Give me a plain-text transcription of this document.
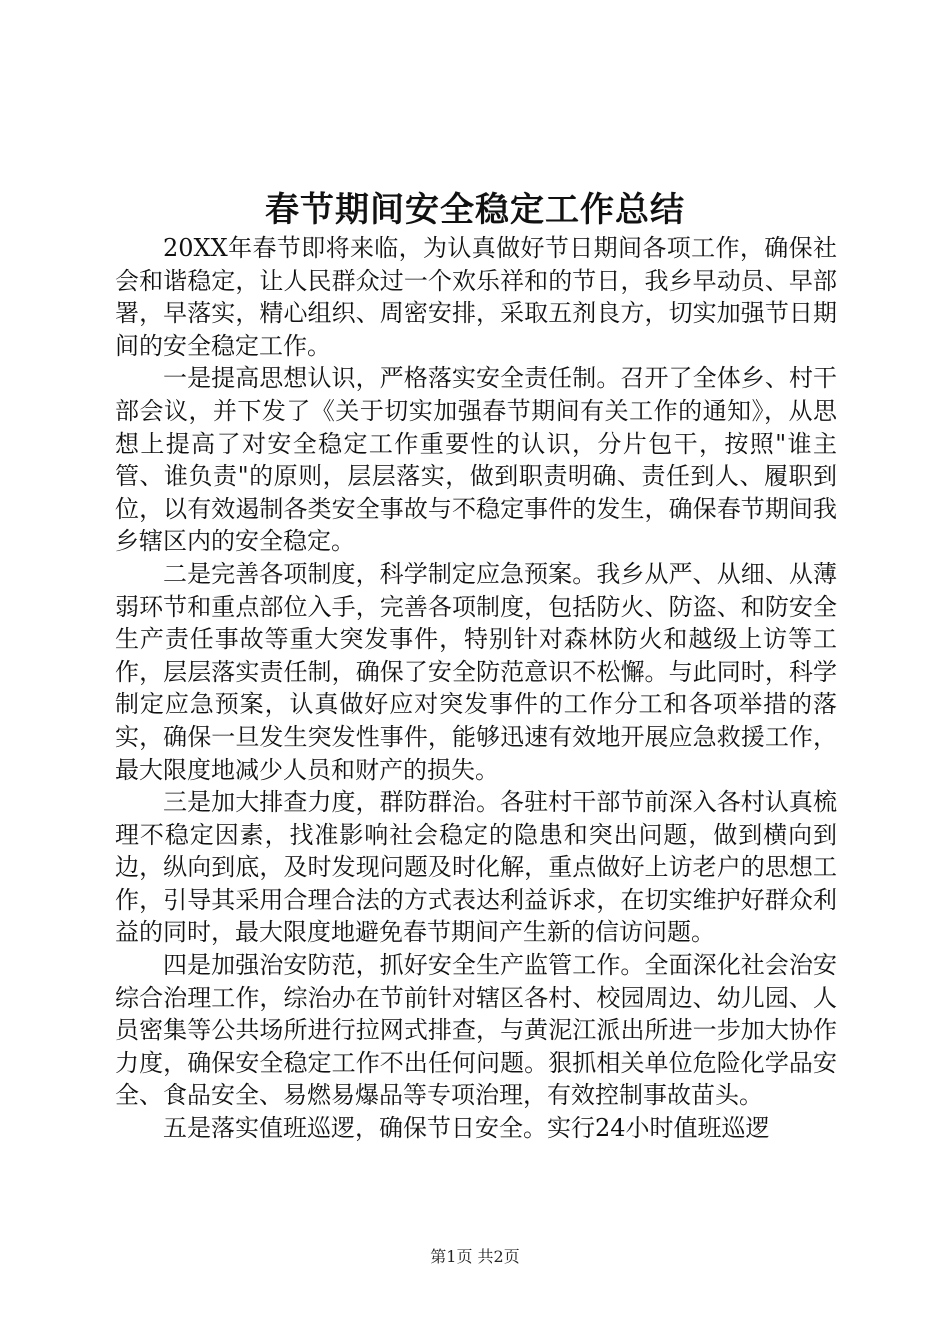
春节期间安全稳定工作总结

20XX年春节即将来临，为认真做好节日期间各项工作，确保社会和谐稳定，让人民群众过一个欢乐祥和的节日，我乡早动员、早部署，早落实，精心组织、周密安排，采取五剂良方，切实加强节日期间的安全稳定工作。

一是提高思想认识，严格落实安全责任制。召开了全体乡、村干部会议，并下发了《关于切实加强春节期间有关工作的通知》，从思想上提高了对安全稳定工作重要性的认识，分片包干，按照"谁主管、谁负责"的原则，层层落实，做到职责明确、责任到人、履职到位，以有效遏制各类安全事故与不稳定事件的发生，确保春节期间我乡辖区内的安全稳定。

二是完善各项制度，科学制定应急预案。我乡从严、从细、从薄弱环节和重点部位入手，完善各项制度，包括防火、防盗、和防安全生产责任事故等重大突发事件，特别针对森林防火和越级上访等工作，层层落实责任制，确保了安全防范意识不松懈。与此同时，科学制定应急预案，认真做好应对突发事件的工作分工和各项举措的落实，确保一旦发生突发性事件，能够迅速有效地开展应急救援工作，最大限度地减少人员和财产的损失。

三是加大排查力度，群防群治。各驻村干部节前深入各村认真梳理不稳定因素，找准影响社会稳定的隐患和突出问题，做到横向到边，纵向到底，及时发现问题及时化解，重点做好上访老户的思想工作，引导其采用合理合法的方式表达利益诉求，在切实维护好群众利益的同时，最大限度地避免春节期间产生新的信访问题。

四是加强治安防范，抓好安全生产监管工作。全面深化社会治安综合治理工作，综治办在节前针对辖区各村、校园周边、幼儿园、人员密集等公共场所进行拉网式排查，与黄泥江派出所进一步加大协作力度，确保安全稳定工作不出任何问题。狠抓相关单位危险化学品安全、食品安全、易燃易爆品等专项治理，有效控制事故苗头。

五是落实值班巡逻，确保节日安全。实行24小时值班巡逻

第1页 共2页
